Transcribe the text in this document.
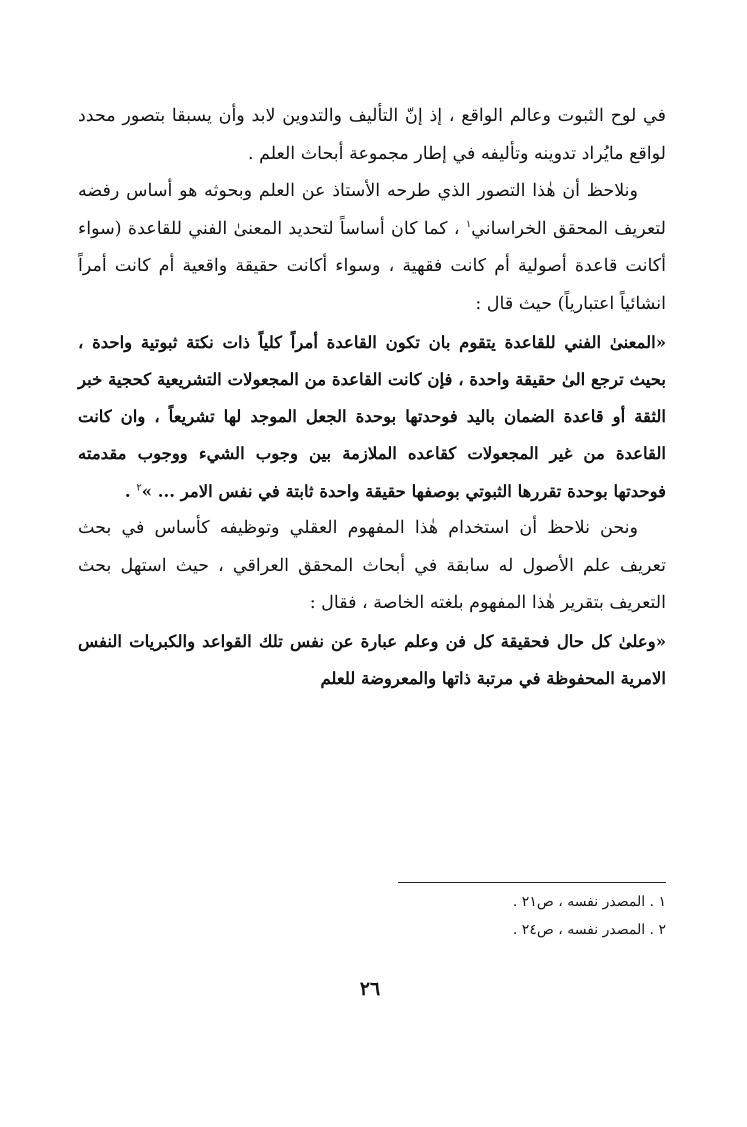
في لوح الثبوت وعالم الواقع ، إذ إنّ التأليف والتدوين لابد وأن يسبقا بتصور محدد لواقع مايُراد تدوينه وتأليفه في إطار مجموعة أبحاث العلم .

ونلاحظ أن هٰذا التصور الذي طرحه الأستاذ عن العلم وبحوثه هو أساس رفضه لتعريف المحقق الخراساني$^١$ ، كما كان أساساً لتحديد المعنىٰ الفني للقاعدة (سواء أكانت قاعدة أصولية أم كانت فقهية ، وسواء أكانت حقيقة واقعية أم كانت أمراً انشائياً اعتبارياً) حيث قال :

«المعنىٰ الفني للقاعدة يتقوم بان تكون القاعدة أمراً كلياً ذات نكتة ثبوتية واحدة ، بحيث ترجع الىٰ حقيقة واحدة ، فإن كانت القاعدة من المجعولات التشريعية كحجية خبر الثقة أو قاعدة الضمان باليد فوحدتها بوحدة الجعل الموجد لها تشريعاً ، وان كانت القاعدة من غير المجعولات كقاعده الملازمة بين وجوب الشيء ووجوب مقدمته فوحدتها بوحدة تقررها الثبوتي بوصفها حقيقة واحدة ثابتة في نفس الامر ... »$^٢$ .

ونحن نلاحظ أن استخدام هٰذا المفهوم العقلي وتوظيفه كأساس في بحث تعريف علم الأصول له سابقة في أبحاث المحقق العراقي ، حيث استهل بحث التعريف بتقرير هٰذا المفهوم بلغته الخاصة ، فقال :

«وعلىٰ كل حال فحقيقة كل فن وعلم عبارة عن نفس تلك القواعد والكبريات النفس الامرية المحفوظة في مرتبة ذاتها والمعروضة للعلم

١ . المصدر نفسه ، ص٢١ .

٢ . المصدر نفسه ، ص٢٤ .

٢٦
